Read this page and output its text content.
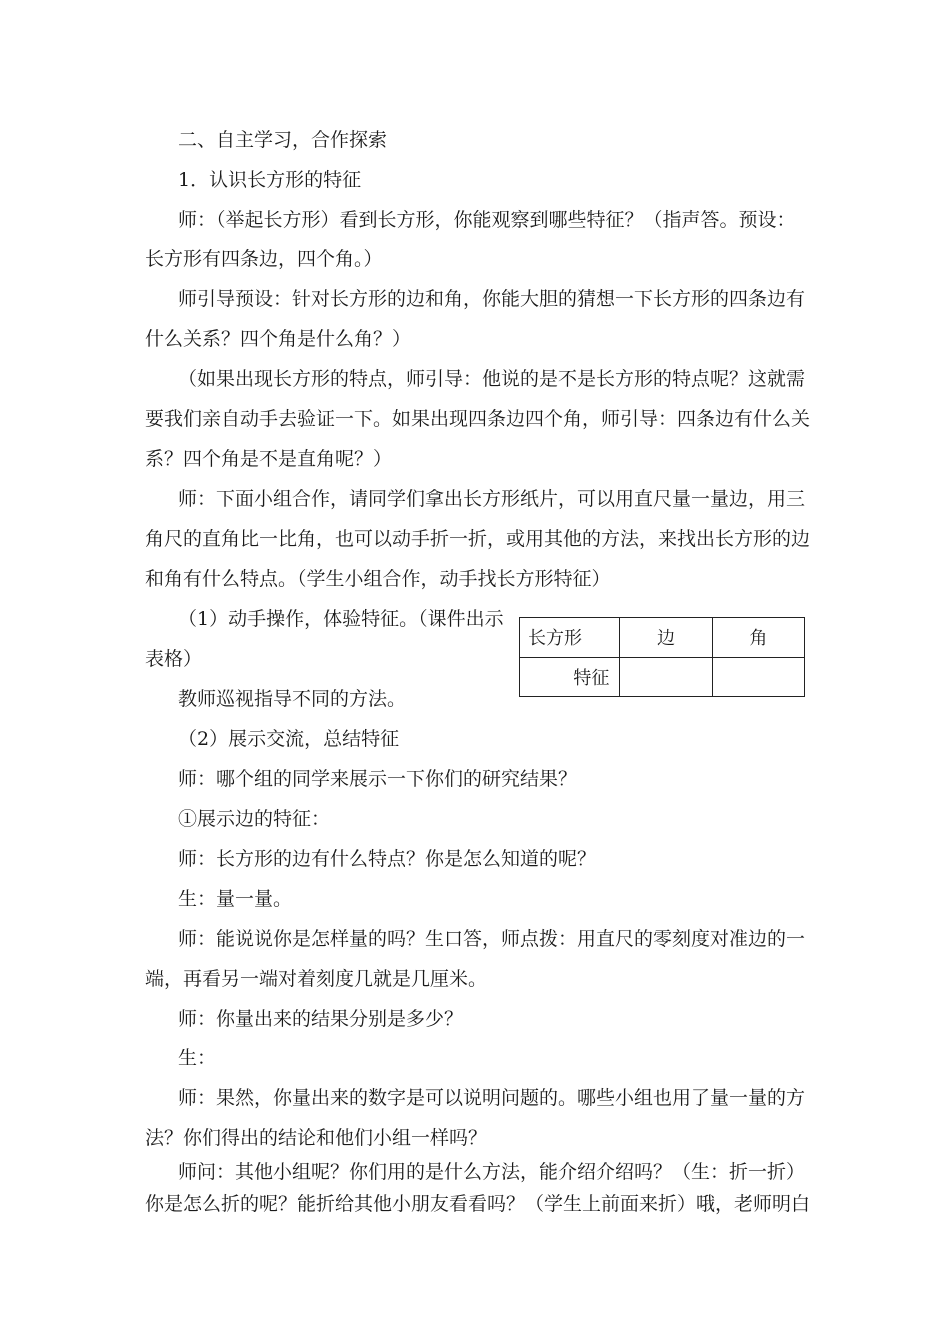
二、自主学习，合作探索
1．认识长方形的特征
师：（举起长方形）看到长方形，你能观察到哪些特征？（指声答。预设：
长方形有四条边，四个角。）
师引导预设：针对长方形的边和角，你能大胆的猜想一下长方形的四条边有
什么关系？四个角是什么角？）
（如果出现长方形的特点，师引导：他说的是不是长方形的特点呢？这就需
要我们亲自动手去验证一下。如果出现四条边四个角，师引导：四条边有什么关
系？四个角是不是直角呢？）
师：下面小组合作，请同学们拿出长方形纸片，可以用直尺量一量边，用三
角尺的直角比一比角，也可以动手折一折，或用其他的方法，来找出长方形的边
和角有什么特点。（学生小组合作，动手找长方形特征）
（1）动手操作，体验特征。（课件出示
表格）
长方形	边	角
特征		
教师巡视指导不同的方法。
（2）展示交流，总结特征
师：哪个组的同学来展示一下你们的研究结果？
①展示边的特征：
师：长方形的边有什么特点？你是怎么知道的呢？
生：量一量。
师：能说说你是怎样量的吗？生口答，师点拨：用直尺的零刻度对准边的一
端，再看另一端对着刻度几就是几厘米。
师：你量出来的结果分别是多少？
生：
师：果然，你量出来的数字是可以说明问题的。哪些小组也用了量一量的方
法？你们得出的结论和他们小组一样吗？
师问：其他小组呢？你们用的是什么方法，能介绍介绍吗？（生：折一折）
你是怎么折的呢？能折给其他小朋友看看吗？（学生上前面来折）哦，老师明白
